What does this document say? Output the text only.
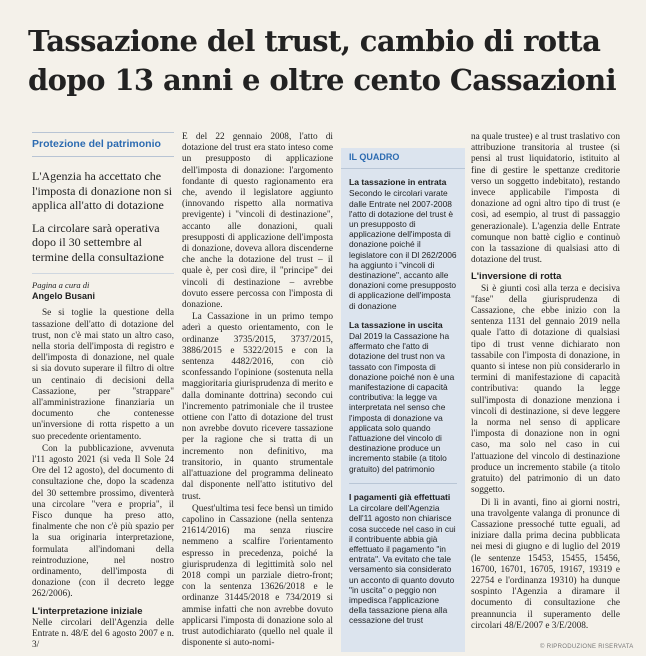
Tassazione del trust, cambio di rotta dopo 13 anni e oltre cento Cassazioni
Protezione del patrimonio
L'Agenzia ha accettato che l'imposta di donazione non si applica all'atto di dotazione
La circolare sarà operativa dopo il 30 settembre al termine della consultazione
Pagina a cura di
Angelo Busani

Se si toglie la questione della tassazione dell'atto di dotazione del trust, non c'è mai stato un altro caso, nella storia dell'imposta di registro e dell'imposta di donazione, nel quale si sia dovuto superare il filtro di oltre un centinaio di decisioni della Cassazione, per "strappare" all'amministrazione finanziaria un documento che contenesse un'inversione di rotta rispetto a un suo precedente orientamento.

Con la pubblicazione, avvenuta l'11 agosto 2021 (si veda Il Sole 24 Ore del 12 agosto), del documento di consultazione che, dopo la scadenza del 30 settembre prossimo, diventerà una circolare "vera e propria", il Fisco dunque ha preso atto, finalmente che non c'è più spazio per la sua originaria interpretazione, formulata all'indomani della reintroduzione, nel nostro ordinamento, dell'imposta di donazione (con il decreto legge 262/2006).

L'interpretazione iniziale

Nelle circolari dell'Agenzia delle Entrate n. 48/E del 6 agosto 2007 e n. 3/

E del 22 gennaio 2008, l'atto di dotazione del trust era stato inteso come un presupposto di applicazione dell'imposta di donazione: l'argomento fondante di questo ragionamento era che, avendo il legislatore aggiunto (innovando rispetto alla normativa previgente) i "vincoli di destinazione", accanto alle donazioni, quali presupposti di applicazione dell'imposta di donazione, doveva allora discenderne che anche la dotazione del trust – il quale è, per così dire, il "principe" dei vincoli di destinazione – avrebbe dovuto essere percossa con l'imposta di donazione.

La Cassazione in un primo tempo aderì a questo orientamento, con le ordinanze 3735/2015, 3737/2015, 3886/2015 e 5322/2015 e con la sentenza 4482/2016, con ciò sconfessando l'opinione (sostenuta nella maggioritaria giurisprudenza di merito e dalla dominante dottrina) secondo cui l'incremento patrimoniale che il trustee ottiene con l'atto di dotazione del trust non avrebbe dovuto ricevere tassazione per la ragione che si tratta di un incremento non definitivo, ma transitorio, in quanto strumentale all'attuazione del programma delineato dal disponente nell'atto istitutivo del trust.

Quest'ultima tesi fece bensì un timido capolino in Cassazione (nella sentenza 21614/2016) ma senza riuscire nemmeno a scalfire l'orientamento espresso in precedenza, poiché la giurisprudenza di legittimità solo nel 2018 compì un parziale dietro-front; con la sentenza 13626/2018 e le ordinanze 31445/2018 e 734/2019 si ammise infatti che non avrebbe dovuto applicarsi l'imposta di donazione solo al trust autodichiarato (quello nel quale il disponente si auto-nomi-

IL QUADRO
La tassazione in entrata

Secondo le circolari varate dalle Entrate nel 2007-2008 l'atto di dotazione del trust è un presupposto di applicazione dell'imposta di donazione poiché il legislatore con il Dl 262/2006 ha aggiunto i "vincoli di destinazione", accanto alle donazioni come presupposto di applicazione dell'imposta di donazione

La tassazione in uscita

Dal 2019 la Cassazione ha affermato che l'atto di dotazione del trust non va tassato con l'imposta di donazione poiché non è una manifestazione di capacità contributiva: la legge va interpretata nel senso che l'imposta di donazione va applicata solo quando l'attuazione del vincolo di destinazione produce un incremento stabile (a titolo gratuito) del patrimonio

I pagamenti già effettuati

La circolare dell'Agenzia dell'11 agosto non chiarisce cosa succede nel caso in cui il contribuente abbia già effettuato il pagamento "in entrata". Va evitato che tale versamento sia considerato un acconto di quanto dovuto "in uscita" o peggio non impedisca l'applicazione della tassazione piena alla cessazione del trust

na quale trustee) e al trust traslativo con attribuzione transitoria al trustee (si pensi al trust liquidatorio, istituito al fine di gestire le spettanze creditorie verso un soggetto indebitato), restando invece applicabile l'imposta di donazione ad ogni altro tipo di trust (e così, ad esempio, al trust di passaggio generazionale). L'agenzia delle Entrate comunque non battè ciglio e continuò con la tassazione di qualsiasi atto di dotazione del trust.

L'inversione di rotta

Si è giunti così alla terza e decisiva "fase" della giurisprudenza di Cassazione, che ebbe inizio con la sentenza 1131 del gennaio 2019 nella quale l'atto di dotazione di qualsiasi tipo di trust venne dichiarato non tassabile con l'imposta di donazione, in quanto si intese non più considerarlo in termini di manifestazione di capacità contributiva: quando la legge sull'imposta di donazione menziona i vincoli di destinazione, si deve leggere la norma nel senso di applicare l'imposta di donazione non in ogni caso, ma solo nel caso in cui l'attuazione del vincolo di destinazione produce un incremento stabile (a titolo gratuito) del patrimonio di un dato soggetto.

Di lì in avanti, fino ai giorni nostri, una travolgente valanga di pronunce di Cassazione pressoché tutte eguali, ad iniziare dalla prima decina pubblicata nei mesi di giugno e di luglio del 2019 (le sentenze 15453, 15455, 15456, 16700, 16701, 16705, 19167, 19319 e 22754 e l'ordinanza 19310) ha dunque sospinto l'Agenzia a diramare il documento di consultazione che preannuncia il superamento delle circolari 48/E/2007 e 3/E/2008.

© RIPRODUZIONE RISERVATA
